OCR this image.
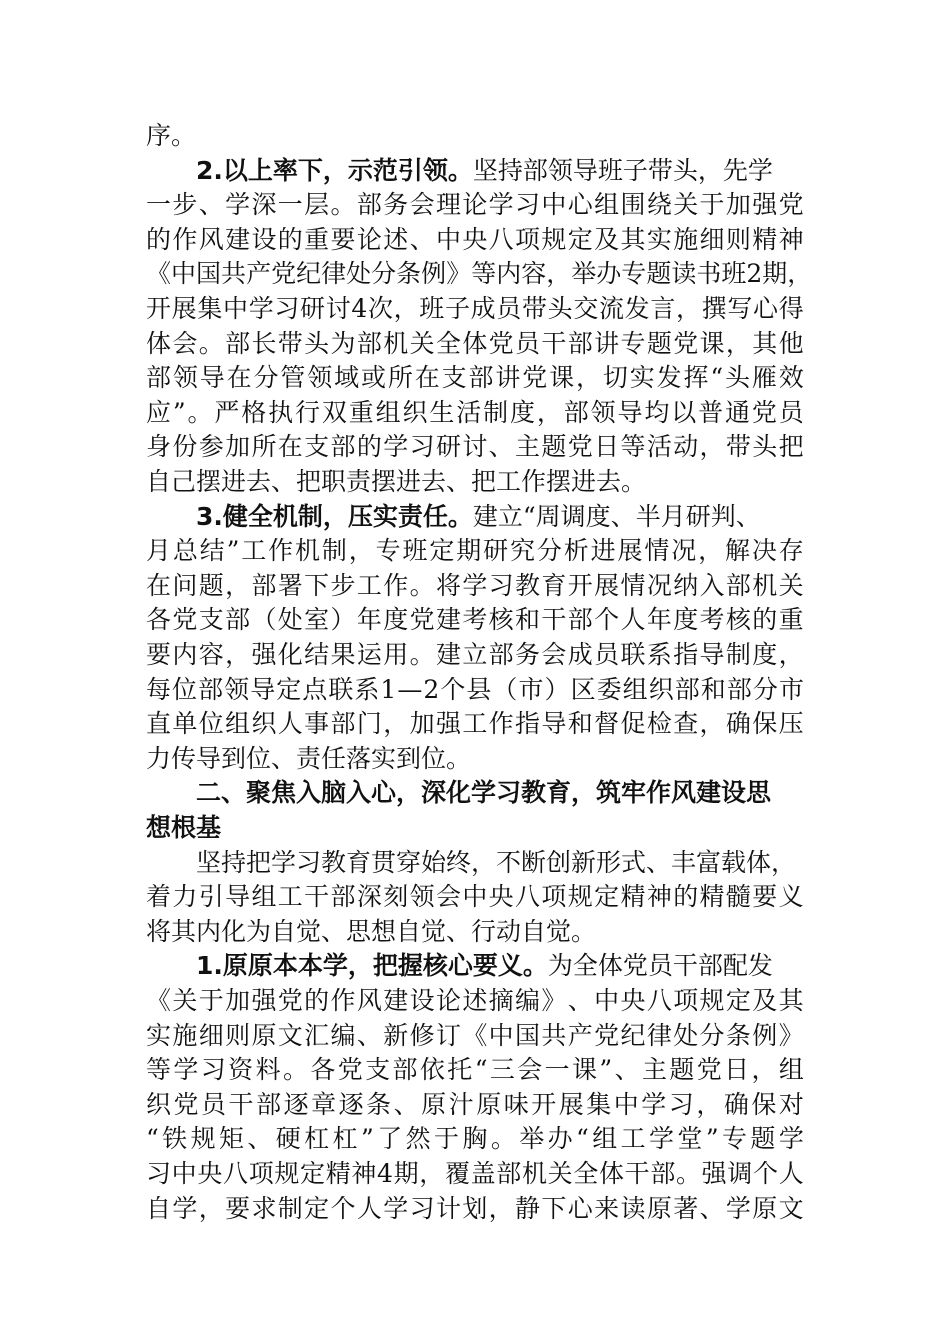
序。
2.以上率下，示范引领。坚持部领导班子带头，先学
一 步 、 学 深 一 层 。 部 务 会 理 论 学 习 中 心 组 围 绕 关 于 加 强 党
的 作 风 建 设 的 重 要 论 述 、 中 央 八 项 规 定 及 其 实 施 细 则 精 神
《 中 国 共 产 党 纪 律 处 分 条 例 》 等 内 容 ， 举 办 专 题 读 书 班 2 期 ，
开 展 集 中 学 习 研 讨 4 次 ， 班 子 成 员 带 头 交 流 发 言 ， 撰 写 心 得
体 会 。 部 长 带 头 为 部 机 关 全 体 党 员 干 部 讲 专 题 党 课 ， 其 他
部 领 导 在 分 管 领 域 或 所 在 支 部 讲 党 课 ， 切 实 发 挥 “ 头 雁 效
应 ” 。 严 格 执 行 双 重 组 织 生 活 制 度 ， 部 领 导 均 以 普 通 党 员
身 份 参 加 所 在 支 部 的 学 习 研 讨 、 主 题 党 日 等 活 动 ， 带 头 把
自己摆进去、把职责摆进去、把工作摆进去。
3.健全机制，压实责任。建立“周调度、半月研判、
月 总 结 ” 工 作 机 制 ， 专 班 定 期 研 究 分 析 进 展 情 况 ， 解 决 存
在 问 题 ， 部 署 下 步 工 作 。 将 学 习 教 育 开 展 情 况 纳 入 部 机 关
各 党 支 部 （ 处 室 ） 年 度 党 建 考 核 和 干 部 个 人 年 度 考 核 的 重
要 内 容 ， 强 化 结 果 运 用 。 建 立 部 务 会 成 员 联 系 指 导 制 度 ，
每 位 部 领 导 定 点 联 系 1 — 2 个 县 （ 市 ） 区 委 组 织 部 和 部 分 市
直 单 位 组 织 人 事 部 门 ， 加 强 工 作 指 导 和 督 促 检 查 ， 确 保 压
力传导到位、责任落实到位。
二、聚焦入脑入心，深化学习教育，筑牢作风建设思
想根基
坚持把学习教育贯穿始终，不断创新形式、丰富载体，
着 力 引 导 组 工 干 部 深 刻 领 会 中 央 八 项 规 定 精 神 的 精 髓 要 义
将其内化为自觉、思想自觉、行动自觉。
1.原原本本学，把握核心要义。为全体党员干部配发
《 关 于 加 强 党 的 作 风 建 设 论 述 摘 编 》 、 中 央 八 项 规 定 及 其
实 施 细 则 原 文 汇 编 、 新 修 订 《 中 国 共 产 党 纪 律 处 分 条 例 》
等 学 习 资 料 。 各 党 支 部 依 托 “ 三 会 一 课 ” 、 主 题 党 日 ， 组
织 党 员 干 部 逐 章 逐 条 、 原 汁 原 味 开 展 集 中 学 习 ， 确 保 对
“ 铁 规 矩 、 硬 杠 杠 ” 了 然 于 胸 。 举 办 “ 组 工 学 堂 ” 专 题 学
习 中 央 八 项 规 定 精 神 4 期 ， 覆 盖 部 机 关 全 体 干 部 。 强 调 个 人
自 学 ， 要 求 制 定 个 人 学 习 计 划 ， 静 下 心 来 读 原 著 、 学 原 文
